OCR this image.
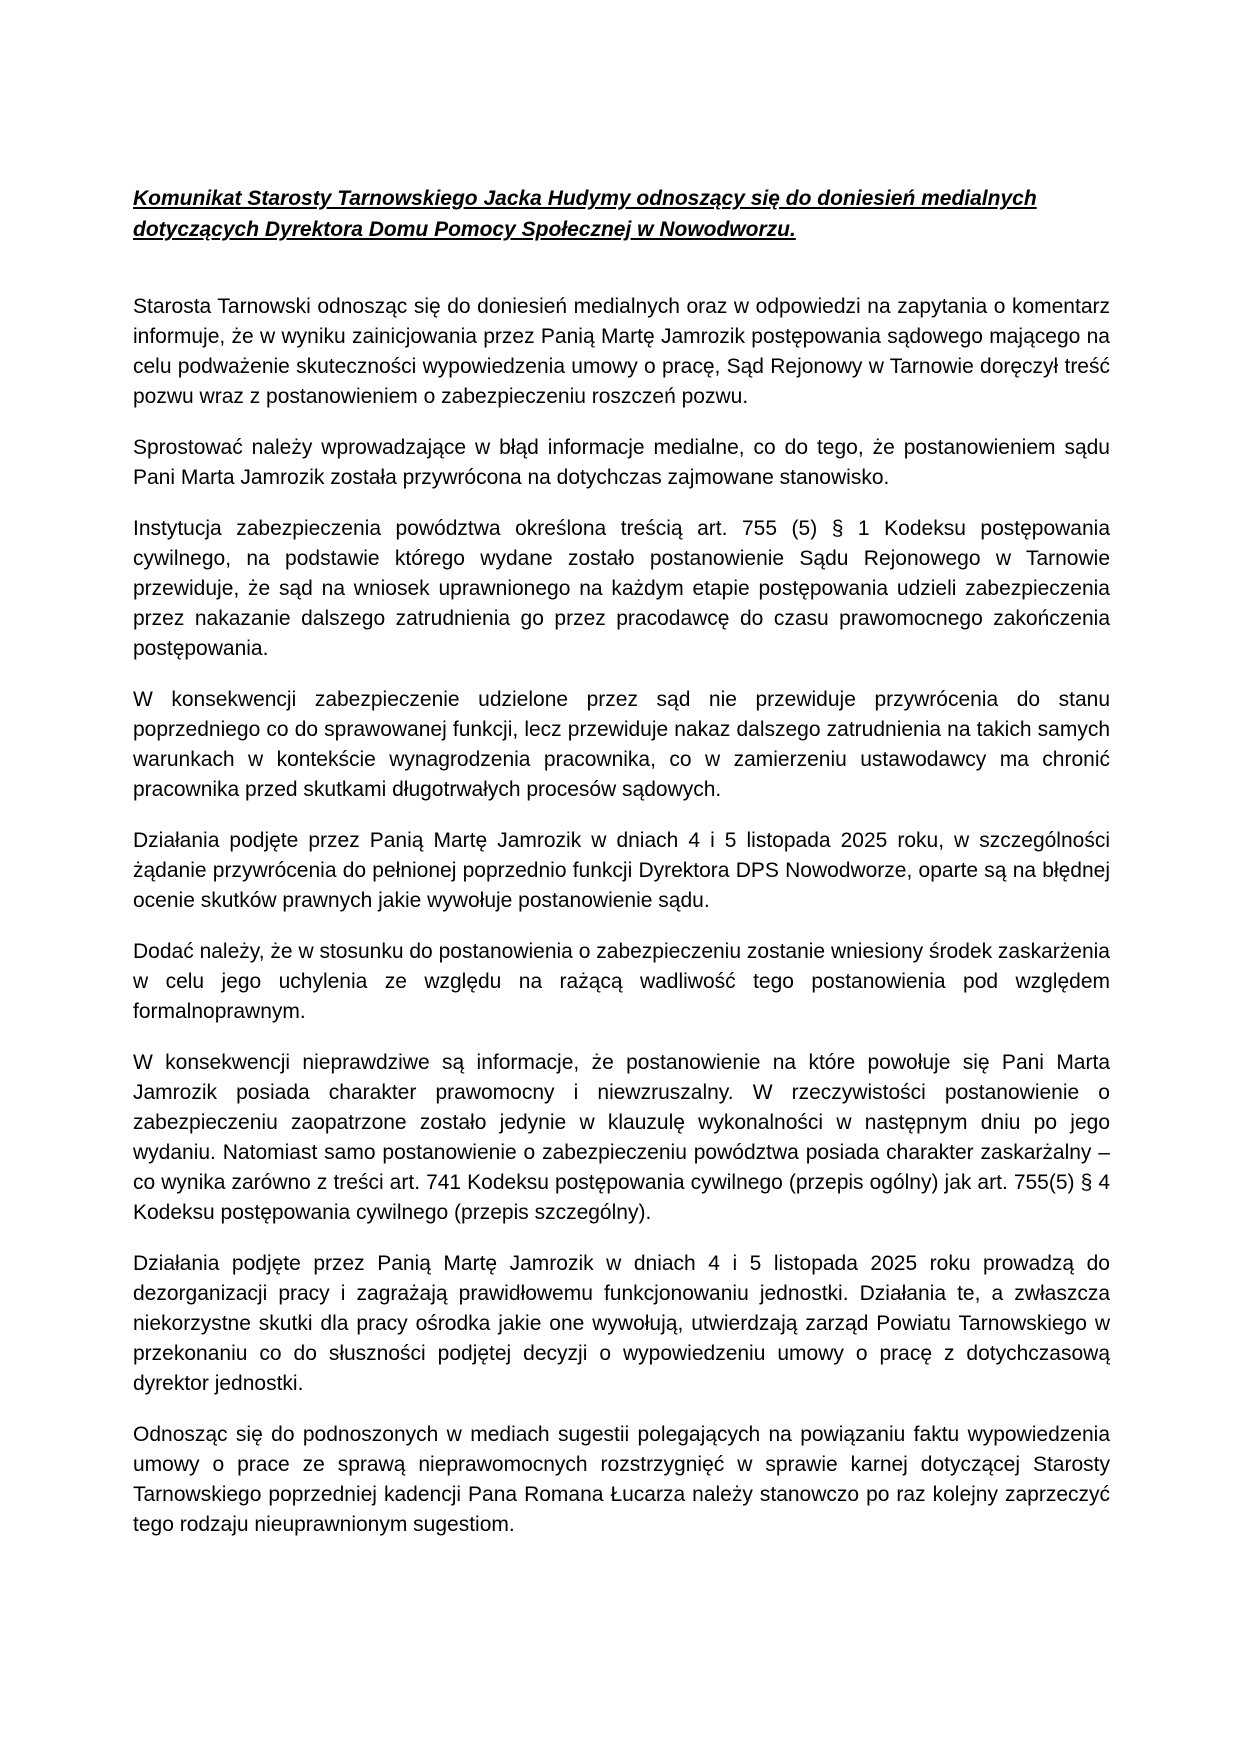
Komunikat Starosty Tarnowskiego Jacka Hudymy odnoszący się do doniesień medialnych dotyczących Dyrektora Domu Pomocy Społecznej w Nowodworzu.

Starosta Tarnowski odnosząc się do doniesień medialnych oraz w odpowiedzi na zapytania o komentarz informuje, że w wyniku zainicjowania przez Panią Martę Jamrozik postępowania sądowego mającego na celu podważenie skuteczności wypowiedzenia umowy o pracę, Sąd Rejonowy w Tarnowie doręczył treść pozwu wraz z postanowieniem o zabezpieczeniu roszczeń pozwu.

Sprostować należy wprowadzające w błąd informacje medialne, co do tego, że postanowieniem sądu Pani Marta Jamrozik została przywrócona na dotychczas zajmowane stanowisko.

Instytucja zabezpieczenia powództwa określona treścią art. 755 (5) § 1 Kodeksu postępowania cywilnego, na podstawie którego wydane zostało postanowienie Sądu Rejonowego w Tarnowie przewiduje, że sąd na wniosek uprawnionego na każdym etapie postępowania udzieli zabezpieczenia przez nakazanie dalszego zatrudnienia go przez pracodawcę do czasu prawomocnego zakończenia postępowania.

W konsekwencji zabezpieczenie udzielone przez sąd nie przewiduje przywrócenia do stanu poprzedniego co do sprawowanej funkcji, lecz przewiduje nakaz dalszego zatrudnienia na takich samych warunkach w kontekście wynagrodzenia pracownika, co w zamierzeniu ustawodawcy ma chronić pracownika przed skutkami długotrwałych procesów sądowych.

Działania podjęte przez Panią Martę Jamrozik w dniach 4 i 5 listopada 2025 roku, w szczególności żądanie przywrócenia do pełnionej poprzednio funkcji Dyrektora DPS Nowodworze, oparte są na błędnej ocenie skutków prawnych jakie wywołuje postanowienie sądu.

Dodać należy, że w stosunku do postanowienia o zabezpieczeniu zostanie wniesiony środek zaskarżenia w celu jego uchylenia ze względu na rażącą wadliwość tego postanowienia pod względem formalnoprawnym.

W konsekwencji nieprawdziwe są informacje, że postanowienie na które powołuje się Pani Marta Jamrozik posiada charakter prawomocny i niewzruszalny. W rzeczywistości postanowienie o zabezpieczeniu zaopatrzone zostało jedynie w klauzulę wykonalności w następnym dniu po jego wydaniu. Natomiast samo postanowienie o zabezpieczeniu powództwa posiada charakter zaskarżalny – co wynika zarówno z treści art. 741 Kodeksu postępowania cywilnego (przepis ogólny) jak art. 755(5) § 4 Kodeksu postępowania cywilnego (przepis szczególny).

Działania podjęte przez Panią Martę Jamrozik w dniach 4 i 5 listopada 2025 roku prowadzą do dezorganizacji pracy i zagrażają prawidłowemu funkcjonowaniu jednostki. Działania te, a zwłaszcza niekorzystne skutki dla pracy ośrodka jakie one wywołują, utwierdzają zarząd Powiatu Tarnowskiego w przekonaniu co do słuszności podjętej decyzji o wypowiedzeniu umowy o pracę z dotychczasową dyrektor jednostki.

Odnosząc się do podnoszonych w mediach sugestii polegających na powiązaniu faktu wypowiedzenia umowy o prace ze sprawą nieprawomocnych rozstrzygnięć w sprawie karnej dotyczącej Starosty Tarnowskiego poprzedniej kadencji Pana Romana Łucarza należy stanowczo po raz kolejny zaprzeczyć tego rodzaju nieuprawnionym sugestiom.
